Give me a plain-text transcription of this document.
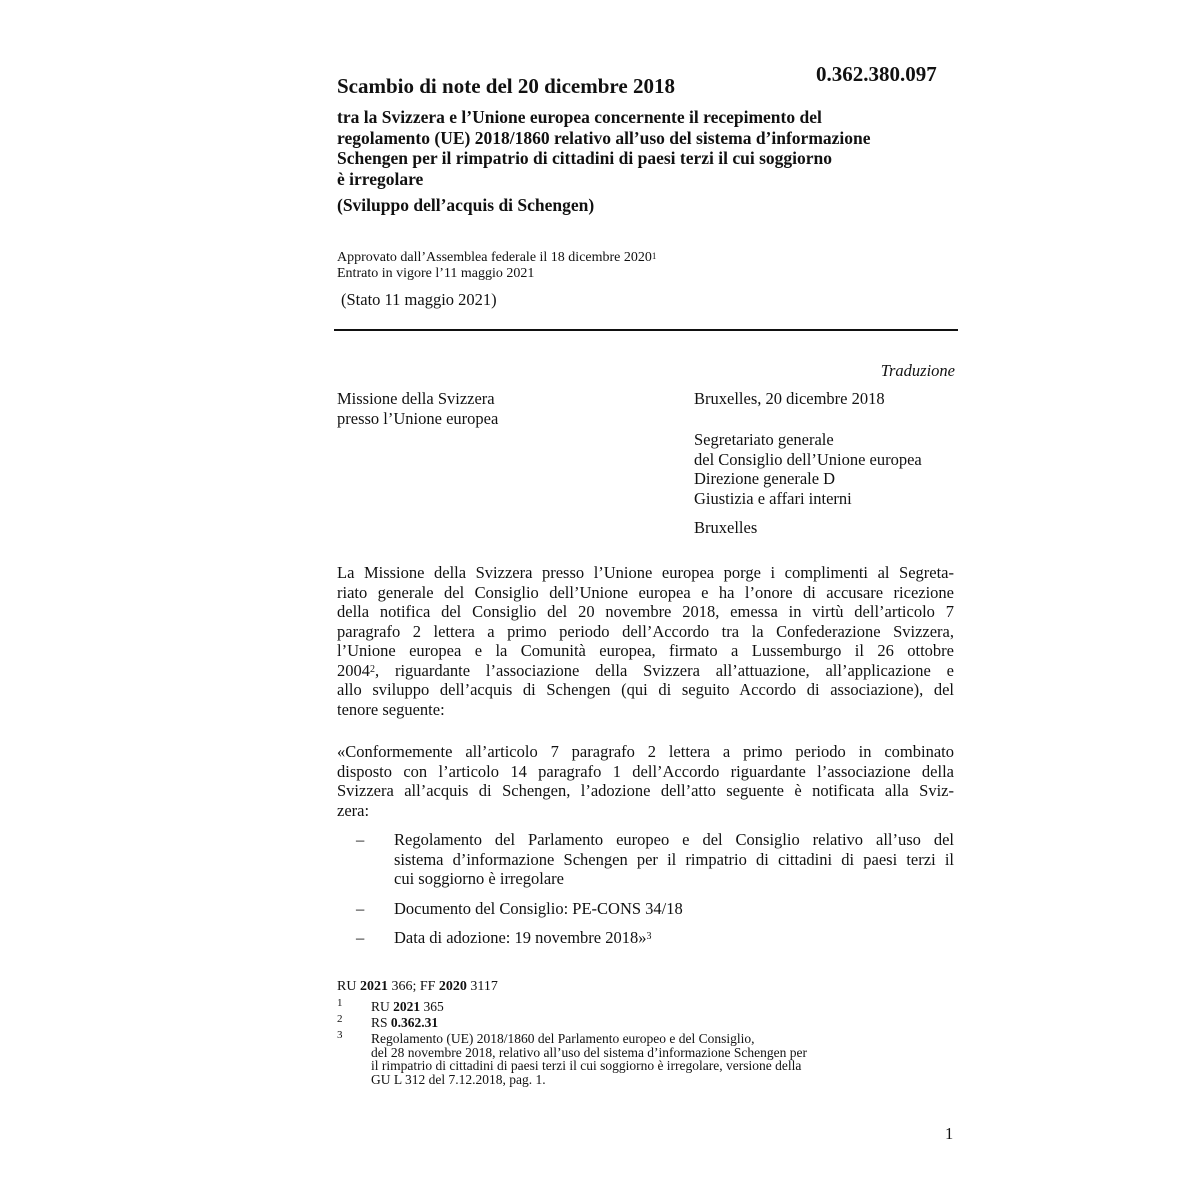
0.362.380.097
Scambio di note del 20 dicembre 2018
tra la Svizzera e l’Unione europea concernente il recepimento del
regolamento (UE) 2018/1860 relativo all’uso del sistema d’informazione
Schengen per il rimpatrio di cittadini di paesi terzi il cui soggiorno
è irregolare
(Sviluppo dell’acquis di Schengen)
Approvato dall’Assemblea federale il 18 dicembre 2020$^1$
Entrato in vigore l’11 maggio 2021
(Stato 11 maggio 2021)
Traduzione
Missione della Svizzera
presso l’Unione europea
Bruxelles, 20 dicembre 2018
Segretariato generale
del Consiglio dell’Unione europea
Direzione generale D
Giustizia e affari interni
Bruxelles
La Missione della Svizzera presso l’Unione europea porge i complimenti al Segreta-
riato generale del Consiglio dell’Unione europea e ha l’onore di accusare ricezione
della notifica del Consiglio del 20 novembre 2018, emessa in virtù dell’articolo 7
paragrafo 2 lettera a primo periodo dell’Accordo tra la Confederazione Svizzera,
l’Unione europea e la Comunità europea, firmato a Lussemburgo il 26 ottobre
2004$^2$, riguardante l’associazione della Svizzera all’attuazione, all’applicazione e
allo sviluppo dell’acquis di Schengen (qui di seguito Accordo di associazione), del
tenore seguente:
«Conformemente all’articolo 7 paragrafo 2 lettera a primo periodo in combinato
disposto con l’articolo 14 paragrafo 1 dell’Accordo riguardante l’associazione della
Svizzera all’acquis di Schengen, l’adozione dell’atto seguente è notificata alla Sviz-
zera:
– Regolamento del Parlamento europeo e del Consiglio relativo all’uso del
sistema d’informazione Schengen per il rimpatrio di cittadini di paesi terzi il
cui soggiorno è irregolare
– Documento del Consiglio: PE-CONS 34/18
– Data di adozione: 19 novembre 2018»$^3$
RU 2021 366; FF 2020 3117
1 RU 2021 365
2 RS 0.362.31
3 Regolamento (UE) 2018/1860 del Parlamento europeo e del Consiglio,
del 28 novembre 2018, relativo all’uso del sistema d’informazione Schengen per
il rimpatrio di cittadini di paesi terzi il cui soggiorno è irregolare, versione della
GU L 312 del 7.12.2018, pag. 1.
1
